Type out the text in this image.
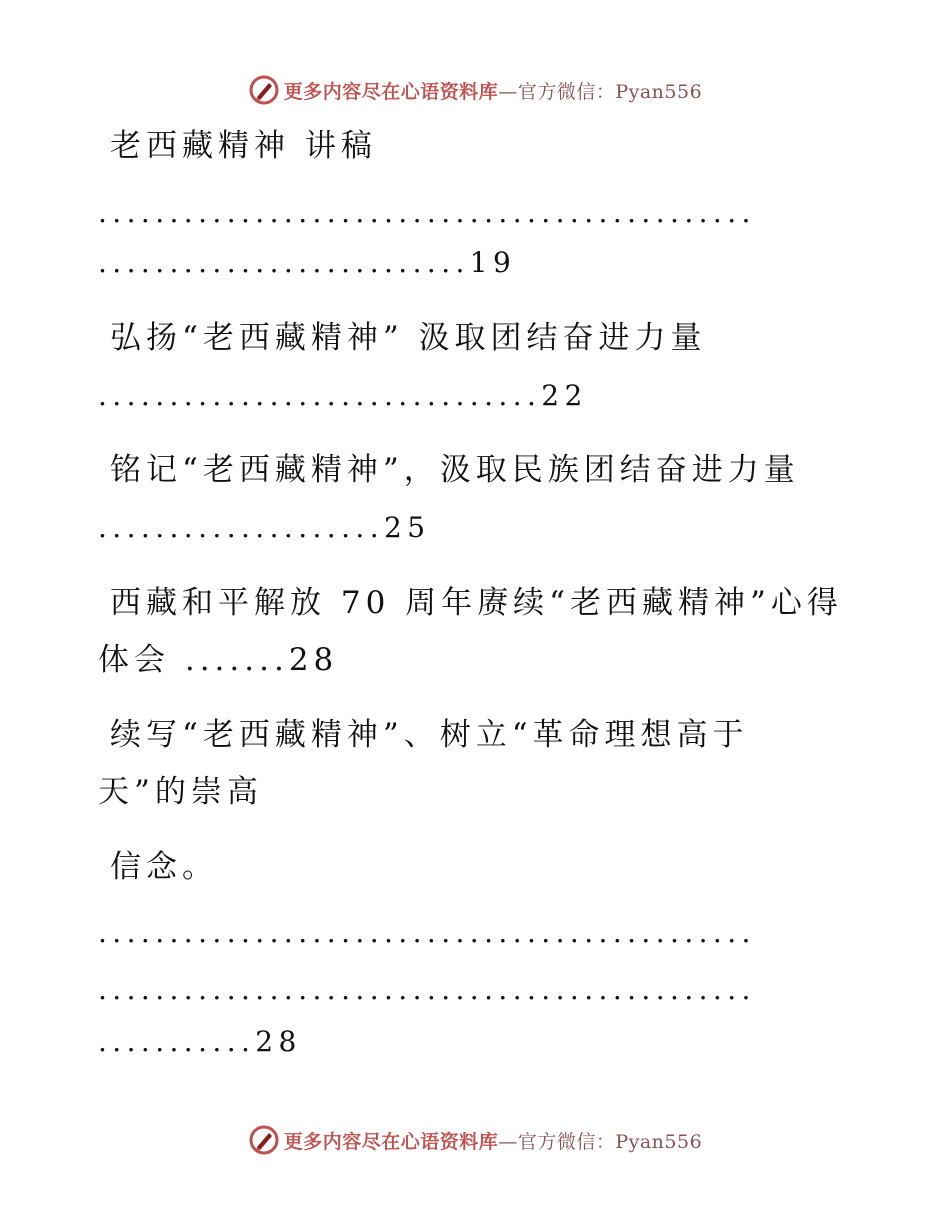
更多内容尽在心语资料库—官方微信：Pyan556
老西藏精神 讲稿
..............................................
..........................19
弘扬“老西藏精神” 汲取团结奋进力量
...............................22
铭记“老西藏精神”，汲取民族团结奋进力量
....................25
西藏和平解放 70 周年赓续“老西藏精神”心得
体会 .......28
续写“老西藏精神”、树立“革命理想高于
天”的崇高
信念。
..............................................
..............................................
...........28
更多内容尽在心语资料库—官方微信：Pyan556
